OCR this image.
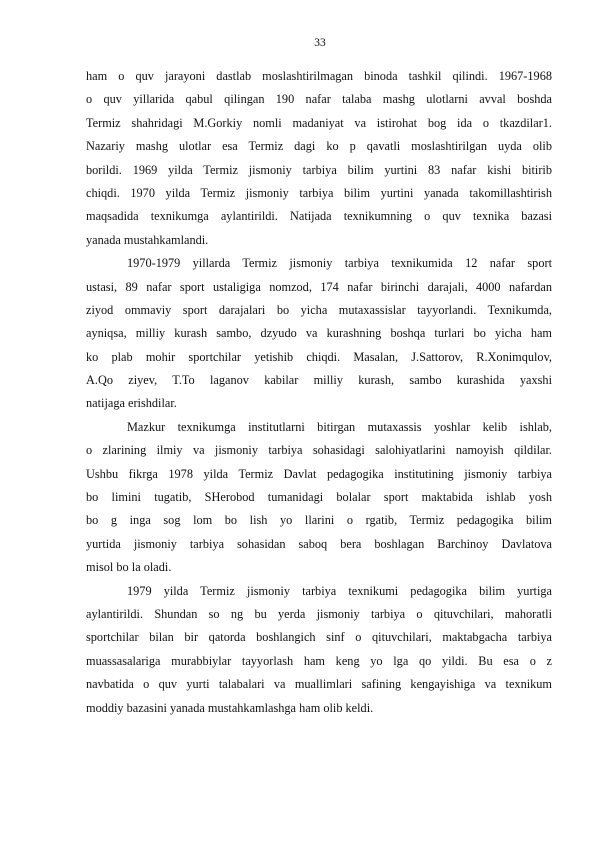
33
ham o quv jarayoni dastlab moslashtirilmagan binoda tashkil qilindi. 1967-1968
o quv yillarida qabul qilingan 190 nafar talaba mashg ulotlarni avval boshda
Termiz shahridagi M.Gorkiy nomli madaniyat va istirohat bog ida o tkazdilar1.
Nazariy mashg ulotlar esa Termiz dagi ko p qavatli moslashtirilgan uyda olib
borildi. 1969 yilda Termiz jismoniy tarbiya bilim yurtini 83 nafar kishi bitirib
chiqdi. 1970 yilda Termiz jismoniy tarbiya bilim yurtini yanada takomillashtirish
maqsadida texnikumga aylantirildi. Natijada texnikumning o quv texnika bazasi
yanada mustahkamlandi.
1970-1979 yillarda Termiz jismoniy tarbiya texnikumida 12 nafar sport
ustasi, 89 nafar sport ustaligiga nomzod, 174 nafar birinchi darajali, 4000 nafardan
ziyod ommaviy sport darajalari bo yicha mutaxassislar tayyorlandi. Texnikumda,
ayniqsa, milliy kurash sambo, dzyudo va kurashning boshqa turlari bo yicha ham
ko plab mohir sportchilar yetishib chiqdi. Masalan, J.Sattorov, R.Xonimqulov,
A.Qo ziyev, T.To laganov kabilar milliy kurash, sambo kurashida yaxshi
natijaga erishdilar.
Mazkur texnikumga institutlarni bitirgan mutaxassis yoshlar kelib ishlab,
o zlarining ilmiy va jismoniy tarbiya sohasidagi salohiyatlarini namoyish qildilar.
Ushbu fikrga 1978 yilda Termiz Davlat pedagogika institutining jismoniy tarbiya
bo limini tugatib, SHerobod tumanidagi bolalar sport maktabida ishlab yosh
bo g inga sog lom bo lish yo llarini o rgatib, Termiz pedagogika bilim
yurtida jismoniy tarbiya sohasidan saboq bera boshlagan Barchinoy Davlatova
misol bo la oladi.
1979 yilda Termiz jismoniy tarbiya texnikumi pedagogika bilim yurtiga
aylantirildi. Shundan so ng bu yerda jismoniy tarbiya o qituvchilari, mahoratli
sportchilar bilan bir qatorda boshlangich sinf o qituvchilari, maktabgacha tarbiya
muassasalariga murabbiylar tayyorlash ham keng yo lga qo yildi. Bu esa o z
navbatida o quv yurti talabalari va muallimlari safining kengayishiga va texnikum
moddiy bazasini yanada mustahkamlashga ham olib keldi.
